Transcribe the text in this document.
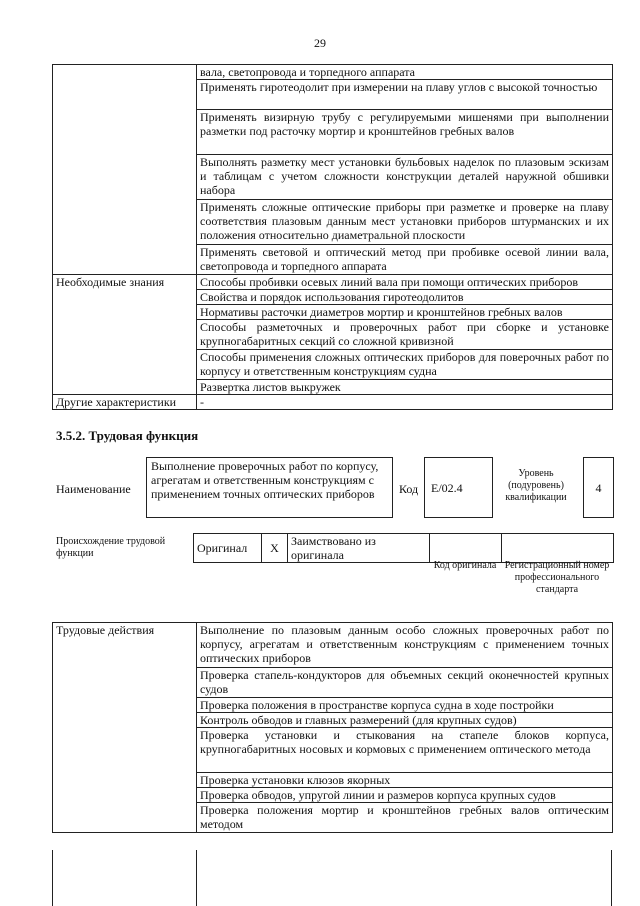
29
	вала, светопровода и торпедного аппарата
	Применять гиротеодолит при измерении на плаву углов с высокой точностью
	Применять визирную трубу с регулируемыми мишенями при выполнении разметки под расточку мортир и кронштейнов гребных валов
	Выполнять разметку мест установки бульбовых наделок по плазовым эскизам и таблицам с учетом сложности конструкции деталей наружной обшивки набора
	Применять сложные оптические приборы при разметке и проверке на плаву соответствия плазовым данным мест установки приборов штурманских и их положения относительно диаметральной плоскости
	Применять световой и оптический метод при пробивке осевой линии вала, светопровода и торпедного аппарата
Необходимые знания	Способы пробивки осевых линий вала при помощи оптических приборов
	Свойства и порядок использования гиротеодолитов
	Нормативы расточки диаметров мортир и кронштейнов гребных валов
	Способы разметочных и проверочных работ при сборке и установке крупногабаритных секций со сложной кривизной
	Способы применения сложных оптических приборов для поверочных работ по корпусу и ответственным конструкциям судна
	Развертка листов выкружек
Другие характеристики	-
3.5.2. Трудовая функция
Наименование
Выполнение проверочных работ по корпусу, агрегатам и ответственным конструкциям с применением точных оптических приборов	Код	E/02.4
Уровень (подуровень) квалификации
4
Происхождение трудовой функции	Оригинал	X	Заимствовано из оригинала		
Код оригинала Регистрационный номер профессионального стандарта
Трудовые действия	Выполнение по плазовым данным особо сложных проверочных работ по корпусу, агрегатам и ответственным конструкциям с применением точных оптических приборов
Проверка стапель-кондукторов для объемных секций оконечностей крупных судов
Проверка положения в пространстве корпуса судна в ходе постройки
Контроль обводов и главных размерений (для крупных судов)
Проверка установки и стыкования на стапеле блоков корпуса, крупногабаритных носовых и кормовых с применением оптического метода
Проверка установки клюзов якорных
Проверка обводов, упругой линии и размеров корпуса крупных судов
Проверка положения мортир и кронштейнов гребных валов оптическим методом
